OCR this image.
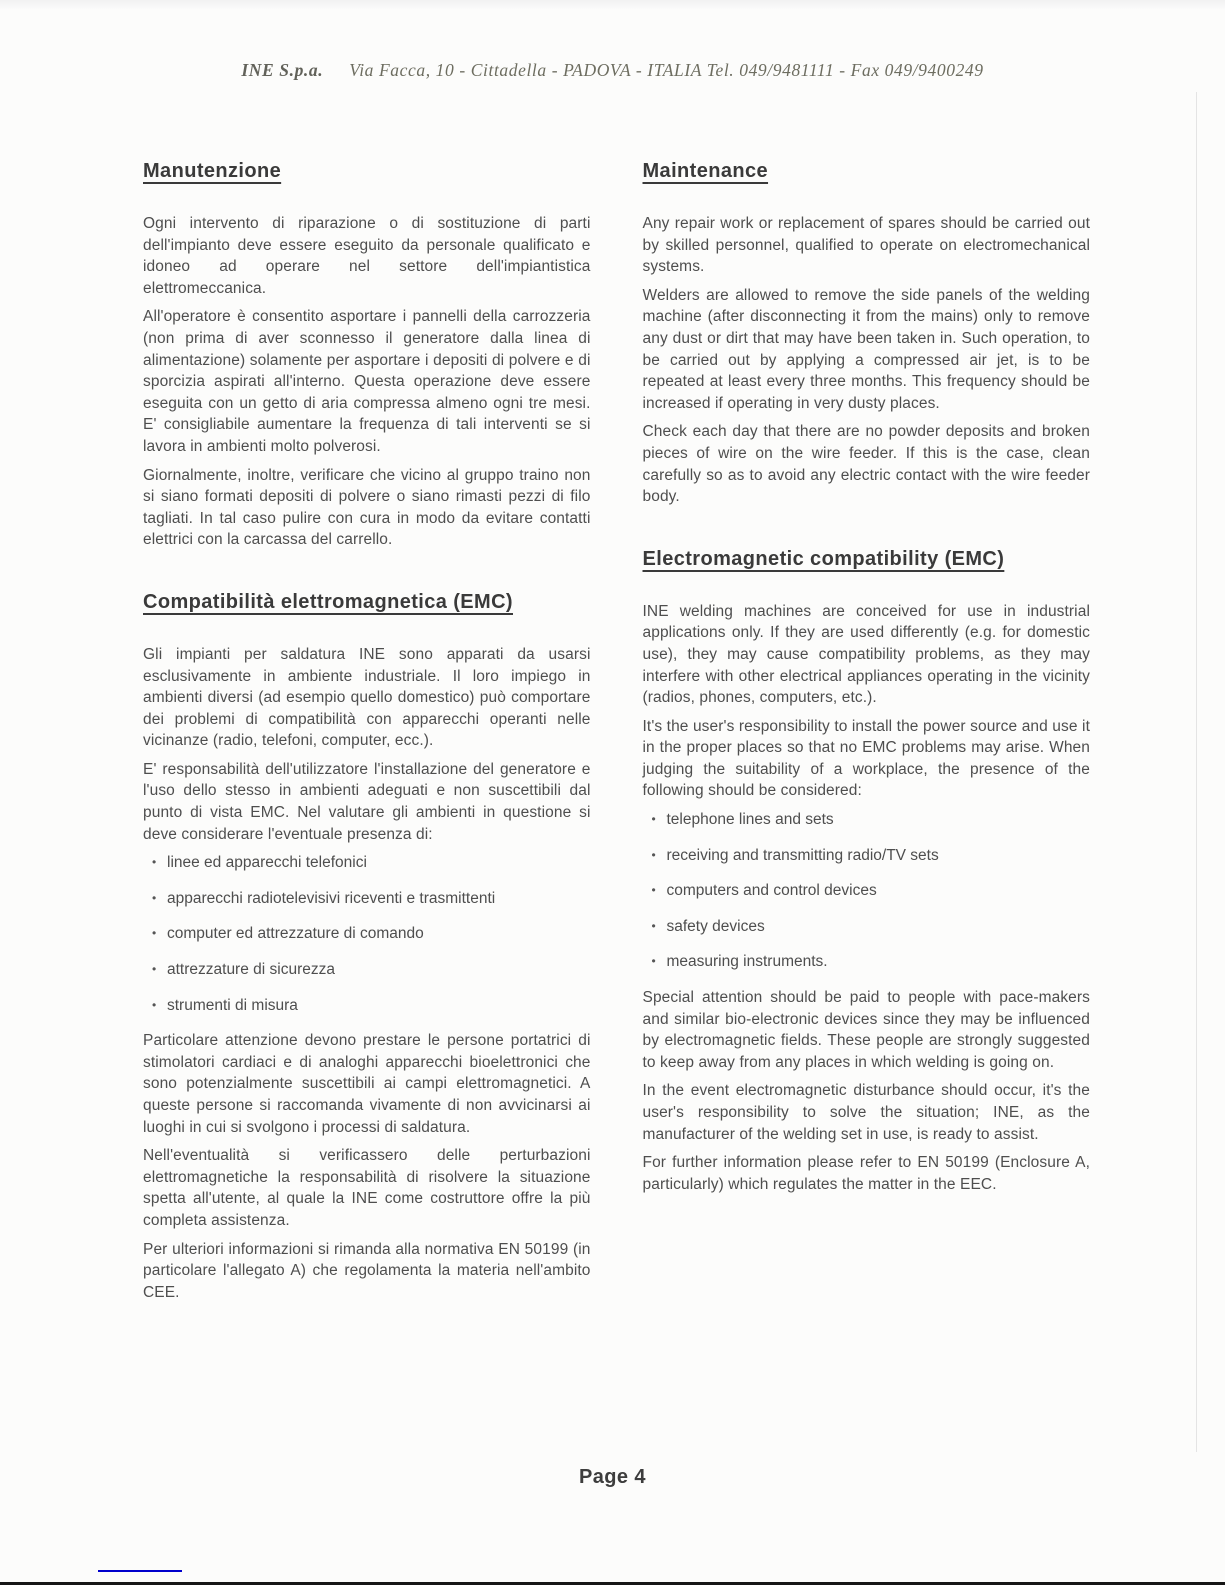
INE S.p.a. Via Facca, 10 - Cittadella - PADOVA - ITALIA Tel. 049/9481111 - Fax 049/9400249
Manutenzione
Ogni intervento di riparazione o di sostituzione di parti dell'impianto deve essere eseguito da personale qualificato e idoneo ad operare nel settore dell'impiantistica elettromeccanica.
All'operatore è consentito asportare i pannelli della carrozzeria (non prima di aver sconnesso il generatore dalla linea di alimentazione) solamente per asportare i depositi di polvere e di sporcizia aspirati all'interno. Questa operazione deve essere eseguita con un getto di aria compressa almeno ogni tre mesi. E' consigliabile aumentare la frequenza di tali interventi se si lavora in ambienti molto polverosi.
Giornalmente, inoltre, verificare che vicino al gruppo traino non si siano formati depositi di polvere o siano rimasti pezzi di filo tagliati. In tal caso pulire con cura in modo da evitare contatti elettrici con la carcassa del carrello.
Compatibilità elettromagnetica (EMC)
Gli impianti per saldatura INE sono apparati da usarsi esclusivamente in ambiente industriale. Il loro impiego in ambienti diversi (ad esempio quello domestico) può comportare dei problemi di compatibilità con apparecchi operanti nelle vicinanze (radio, telefoni, computer, ecc.).
E' responsabilità dell'utilizzatore l'installazione del generatore e l'uso dello stesso in ambienti adeguati e non suscettibili dal punto di vista EMC. Nel valutare gli ambienti in questione si deve considerare l'eventuale presenza di:
• linee ed apparecchi telefonici
• apparecchi radiotelevisivi riceventi e trasmittenti
• computer ed attrezzature di comando
• attrezzature di sicurezza
• strumenti di misura
Particolare attenzione devono prestare le persone portatrici di stimolatori cardiaci e di analoghi apparecchi bioelettronici che sono potenzialmente suscettibili ai campi elettromagnetici. A queste persone si raccomanda vivamente di non avvicinarsi ai luoghi in cui si svolgono i processi di saldatura.
Nell'eventualità si verificassero delle perturbazioni elettromagnetiche la responsabilità di risolvere la situazione spetta all'utente, al quale la INE come costruttore offre la più completa assistenza.
Per ulteriori informazioni si rimanda alla normativa EN 50199 (in particolare l'allegato A) che regolamenta la materia nell'ambito CEE.
Maintenance
Any repair work or replacement of spares should be carried out by skilled personnel, qualified to operate on electromechanical systems.
Welders are allowed to remove the side panels of the welding machine (after disconnecting it from the mains) only to remove any dust or dirt that may have been taken in. Such operation, to be carried out by applying a compressed air jet, is to be repeated at least every three months. This frequency should be increased if operating in very dusty places.
Check each day that there are no powder deposits and broken pieces of wire on the wire feeder. If this is the case, clean carefully so as to avoid any electric contact with the wire feeder body.
Electromagnetic compatibility (EMC)
INE welding machines are conceived for use in industrial applications only. If they are used differently (e.g. for domestic use), they may cause compatibility problems, as they may interfere with other electrical appliances operating in the vicinity (radios, phones, computers, etc.).
It's the user's responsibility to install the power source and use it in the proper places so that no EMC problems may arise. When judging the suitability of a workplace, the presence of the following should be considered:
• telephone lines and sets
• receiving and transmitting radio/TV sets
• computers and control devices
• safety devices
• measuring instruments.
Special attention should be paid to people with pace-makers and similar bio-electronic devices since they may be influenced by electromagnetic fields. These people are strongly suggested to keep away from any places in which welding is going on.
In the event electromagnetic disturbance should occur, it's the user's responsibility to solve the situation; INE, as the manufacturer of the welding set in use, is ready to assist.
For further information please refer to EN 50199 (Enclosure A, particularly) which regulates the matter in the EEC.
Page 4
